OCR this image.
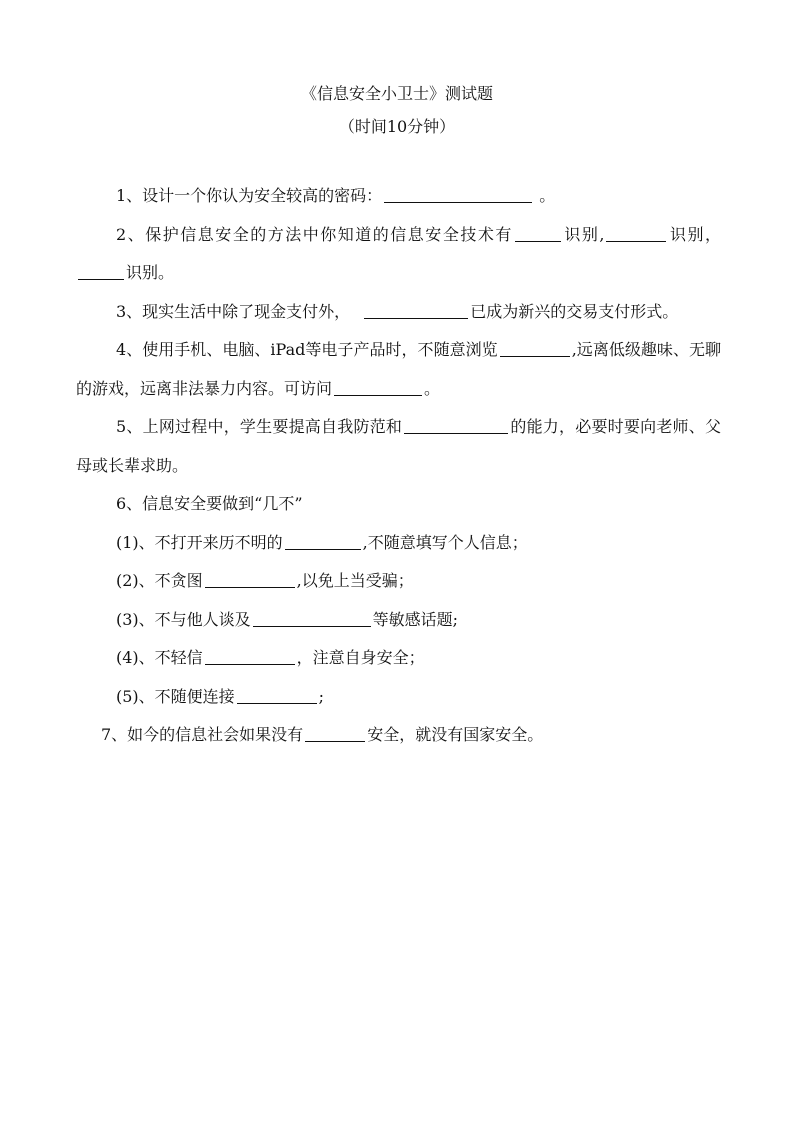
《信息安全小卫士》测试题
（时间10分钟）

1、设计一个你认为安全较高的密码：	。

2、保护信息安全的方法中你知道的信息安全技术有	识别,	识别，识别。

3、现实生活中除了现金支付外，	已成为新兴的交易支付形式。

4、使用手机、电脑、iPad等电子产品时，不随意浏览	,远离低级趣味、无聊的游戏，远离非法暴力内容。可访问	。

5、上网过程中，学生要提高自我防范和	的能力，必要时要向老师、父母或长辈求助。

6、信息安全要做到“几不”

(1)、不打开来历不明的	,不随意填写个人信息；

(2)、不贪图	,以免上当受骗；

(3)、不与他人谈及	等敏感话题;

(4)、不轻信	，注意自身安全；

(5)、不随便连接	;

7、如今的信息社会如果没有	安全，就没有国家安全。
